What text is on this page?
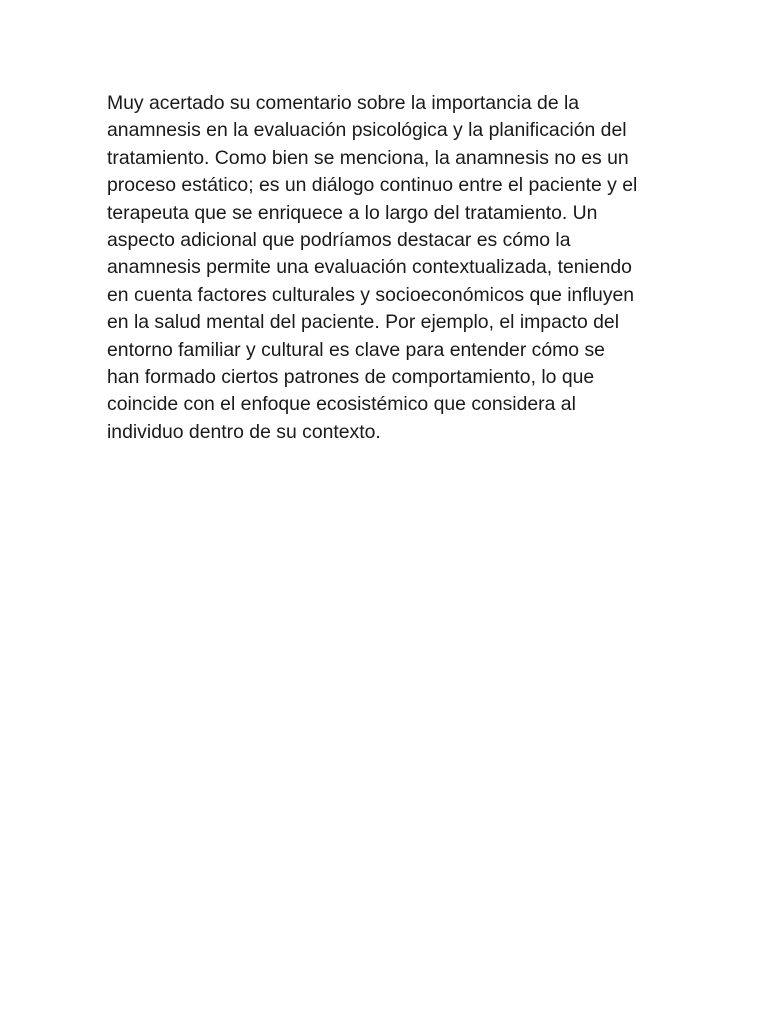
Muy acertado su comentario sobre la importancia de la
anamnesis en la evaluación psicológica y la planificación del
tratamiento. Como bien se menciona, la anamnesis no es un
proceso estático; es un diálogo continuo entre el paciente y el
terapeuta que se enriquece a lo largo del tratamiento. Un
aspecto adicional que podríamos destacar es cómo la
anamnesis permite una evaluación contextualizada, teniendo
en cuenta factores culturales y socioeconómicos que influyen
en la salud mental del paciente. Por ejemplo, el impacto del
entorno familiar y cultural es clave para entender cómo se
han formado ciertos patrones de comportamiento, lo que
coincide con el enfoque ecosistémico que considera al
individuo dentro de su contexto.
